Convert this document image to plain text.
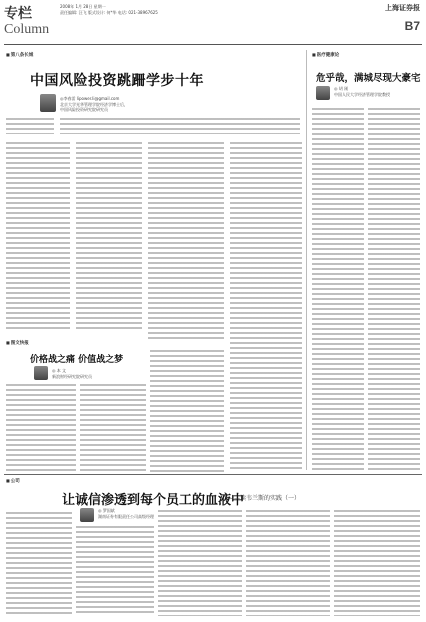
专栏
Column
2008年 1月 28日 星期一
责任编辑: 汪飞 版式设计: 何*华 电话: 021-38967625
上海证券报
B7
■ 第八条长城
中国风险投资跳跚学步十年
◎李春雷 lipower.li@gmail.com
北京大学光华管理学院经济学博士后，
中国风险投资研究院研究员
■ 图文快报
价格战之痛 价值战之梦
◎ 本 文
新浪财经研究院研究员
■ 医疗健康论
危乎哉，满城尽现大豪宅
◎ 胡 刚
中国人民大学经济管理学院教授
■ 公司
让诚信渗透到每个员工的血液中
——读韦兰斯的实践（一）
◎ 罗国斌
湖南证券有限责任公司高级经理
